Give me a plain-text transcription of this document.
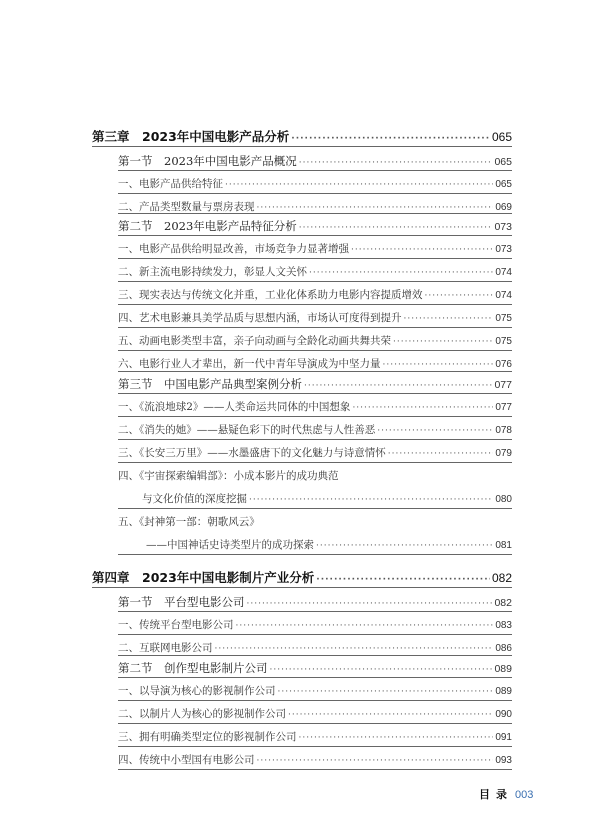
第三章　2023年中国电影产品分析 ·····	065
第一节　2023年中国电影产品概况 ·····	065
一、电影产品供给特征 ·····	065
二、产品类型数量与票房表现 ·····	069
第二节　2023年电影产品特征分析 ·····	073
一、电影产品供给明显改善，市场竞争力显著增强 ·····	073
二、新主流电影持续发力，彰显人文关怀 ·····	074
三、现实表达与传统文化并重，工业化体系助力电影内容提质增效 ·····	074
四、艺术电影兼具美学品质与思想内涵，市场认可度得到提升 ·····	075
五、动画电影类型丰富，亲子向动画与全龄化动画共舞共荣 ·····	075
六、电影行业人才辈出，新一代中青年导演成为中坚力量 ·····	076
第三节　中国电影产品典型案例分析 ·····	077
一、《流浪地球2》——人类命运共同体的中国想象 ·····	077
二、《消失的她》——悬疑色彩下的时代焦虑与人性善恶 ·····	078
三、《长安三万里》——水墨盛唐下的文化魅力与诗意情怀 ·····	079
四、《宇宙探索编辑部》：小成本影片的成功典范
与文化价值的深度挖掘 ·····	080
五、《封神第一部：朝歌风云》
——中国神话史诗类型片的成功探索 ·····	081
第四章　2023年中国电影制片产业分析 ·····	082
第一节　平台型电影公司 ·····	082
一、传统平台型电影公司 ·····	083
二、互联网电影公司 ·····	086
第二节　创作型电影制片公司 ·····	089
一、以导演为核心的影视制作公司 ·····	089
二、以制片人为核心的影视制作公司 ·····	090
三、拥有明确类型定位的影视制作公司 ·····	091
四、传统中小型国有电影公司 ·····	093
目录 003
